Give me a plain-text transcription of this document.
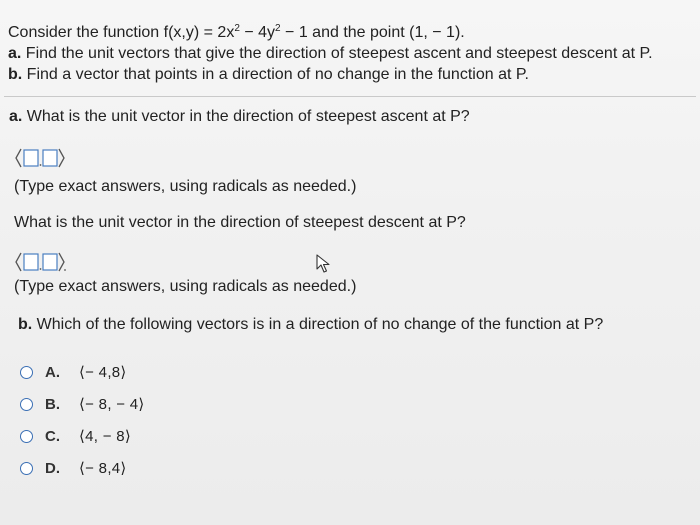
Consider the function $f(x,y) = 2x^2 - 4y^2 - 1$ and the point (1, − 1).
a. Find the unit vectors that give the direction of steepest ascent and steepest descent at P.
b. Find a vector that points in a direction of no change in the function at P.
a. What is the unit vector in the direction of steepest ascent at P?
(Type exact answers, using radicals as needed.)
What is the unit vector in the direction of steepest descent at P?
(Type exact answers, using radicals as needed.)
b. Which of the following vectors is in a direction of no change of the function at P?
A.	⟨− 4,8⟩
B.	⟨− 8, − 4⟩
C.	⟨4, − 8⟩
D.	⟨− 8,4⟩
